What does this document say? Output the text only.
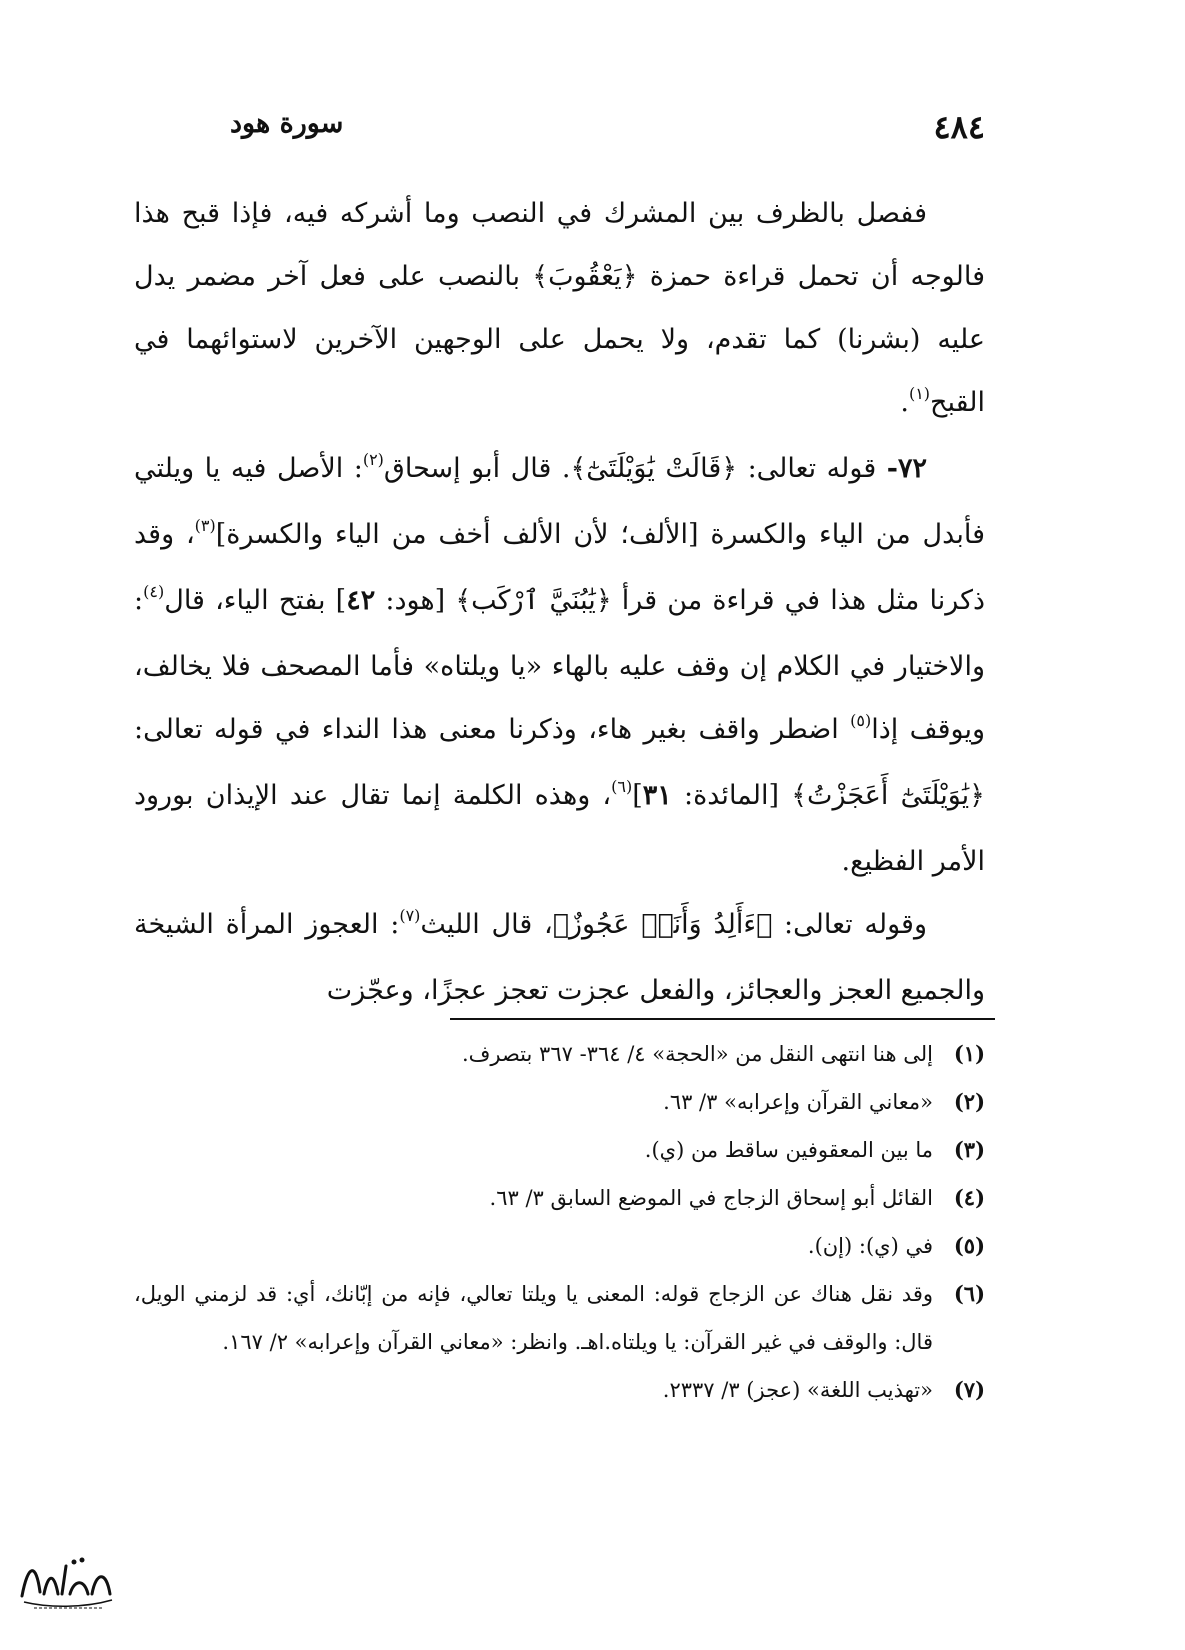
٤٨٤
سورة هود

ففصل بالظرف بين المشرك في النصب وما أشركه فيه، فإذا قبح هذا فالوجه أن تحمل قراءة حمزة ﴿يَعْقُوبَ﴾ بالنصب على فعل آخر مضمر يدل عليه (بشرنا) كما تقدم، ولا يحمل على الوجهين الآخرين لاستوائهما في القبح$^{(١)}$.

٧٢- قوله تعالى: ﴿قَالَتْ يَٰوَيْلَتَىٰٓ﴾. قال أبو إسحاق$^{(٢)}$: الأصل فيه يا ويلتي فأبدل من الياء والكسرة [الألف؛ لأن الألف أخف من الياء والكسرة]$^{(٣)}$، وقد ذكرنا مثل هذا في قراءة من قرأ ﴿يَٰبُنَيَّ ٱرْكَب﴾ [هود: ٤٢] بفتح الياء، قال$^{(٤)}$: والاختيار في الكلام إن وقف عليه بالهاء «يا ويلتاه» فأما المصحف فلا يخالف، ويوقف إذا$^{(٥)}$ اضطر واقف بغير هاء، وذكرنا معنى هذا النداء في قوله تعالى: ﴿يَٰوَيْلَتَىٰٓ أَعَجَزْتُ﴾ [المائدة: ٣١]$^{(٦)}$، وهذه الكلمة إنما تقال عند الإيذان بورود الأمر الفظيع.

وقوله تعالى: ﴿ءَأَلِدُ وَأَنَا۠ عَجُوزٌ﴾، قال الليث$^{(٧)}$: العجوز المرأة الشيخة والجميع العجز والعجائز، والفعل عجزت تعجز عجزًا، وعجّزت

(١)
إلى هنا انتهى النقل من «الحجة» ٤/ ٣٦٤- ٣٦٧ بتصرف.
(٢)
«معاني القرآن وإعرابه» ٣/ ٦٣.
(٣)
ما بين المعقوفين ساقط من (ي).
(٤)
القائل أبو إسحاق الزجاج في الموضع السابق ٣/ ٦٣.
(٥)
في (ي): (إن).
(٦)
وقد نقل هناك عن الزجاج قوله: المعنى يا ويلتا تعالي، فإنه من إبّانك، أي: قد لزمني الويل، قال: والوقف في غير القرآن: يا ويلتاه.اهـ. وانظر: «معاني القرآن وإعرابه» ٢/ ١٦٧.
(٧)
«تهذيب اللغة» (عجز) ٣/ ٢٣٣٧.
